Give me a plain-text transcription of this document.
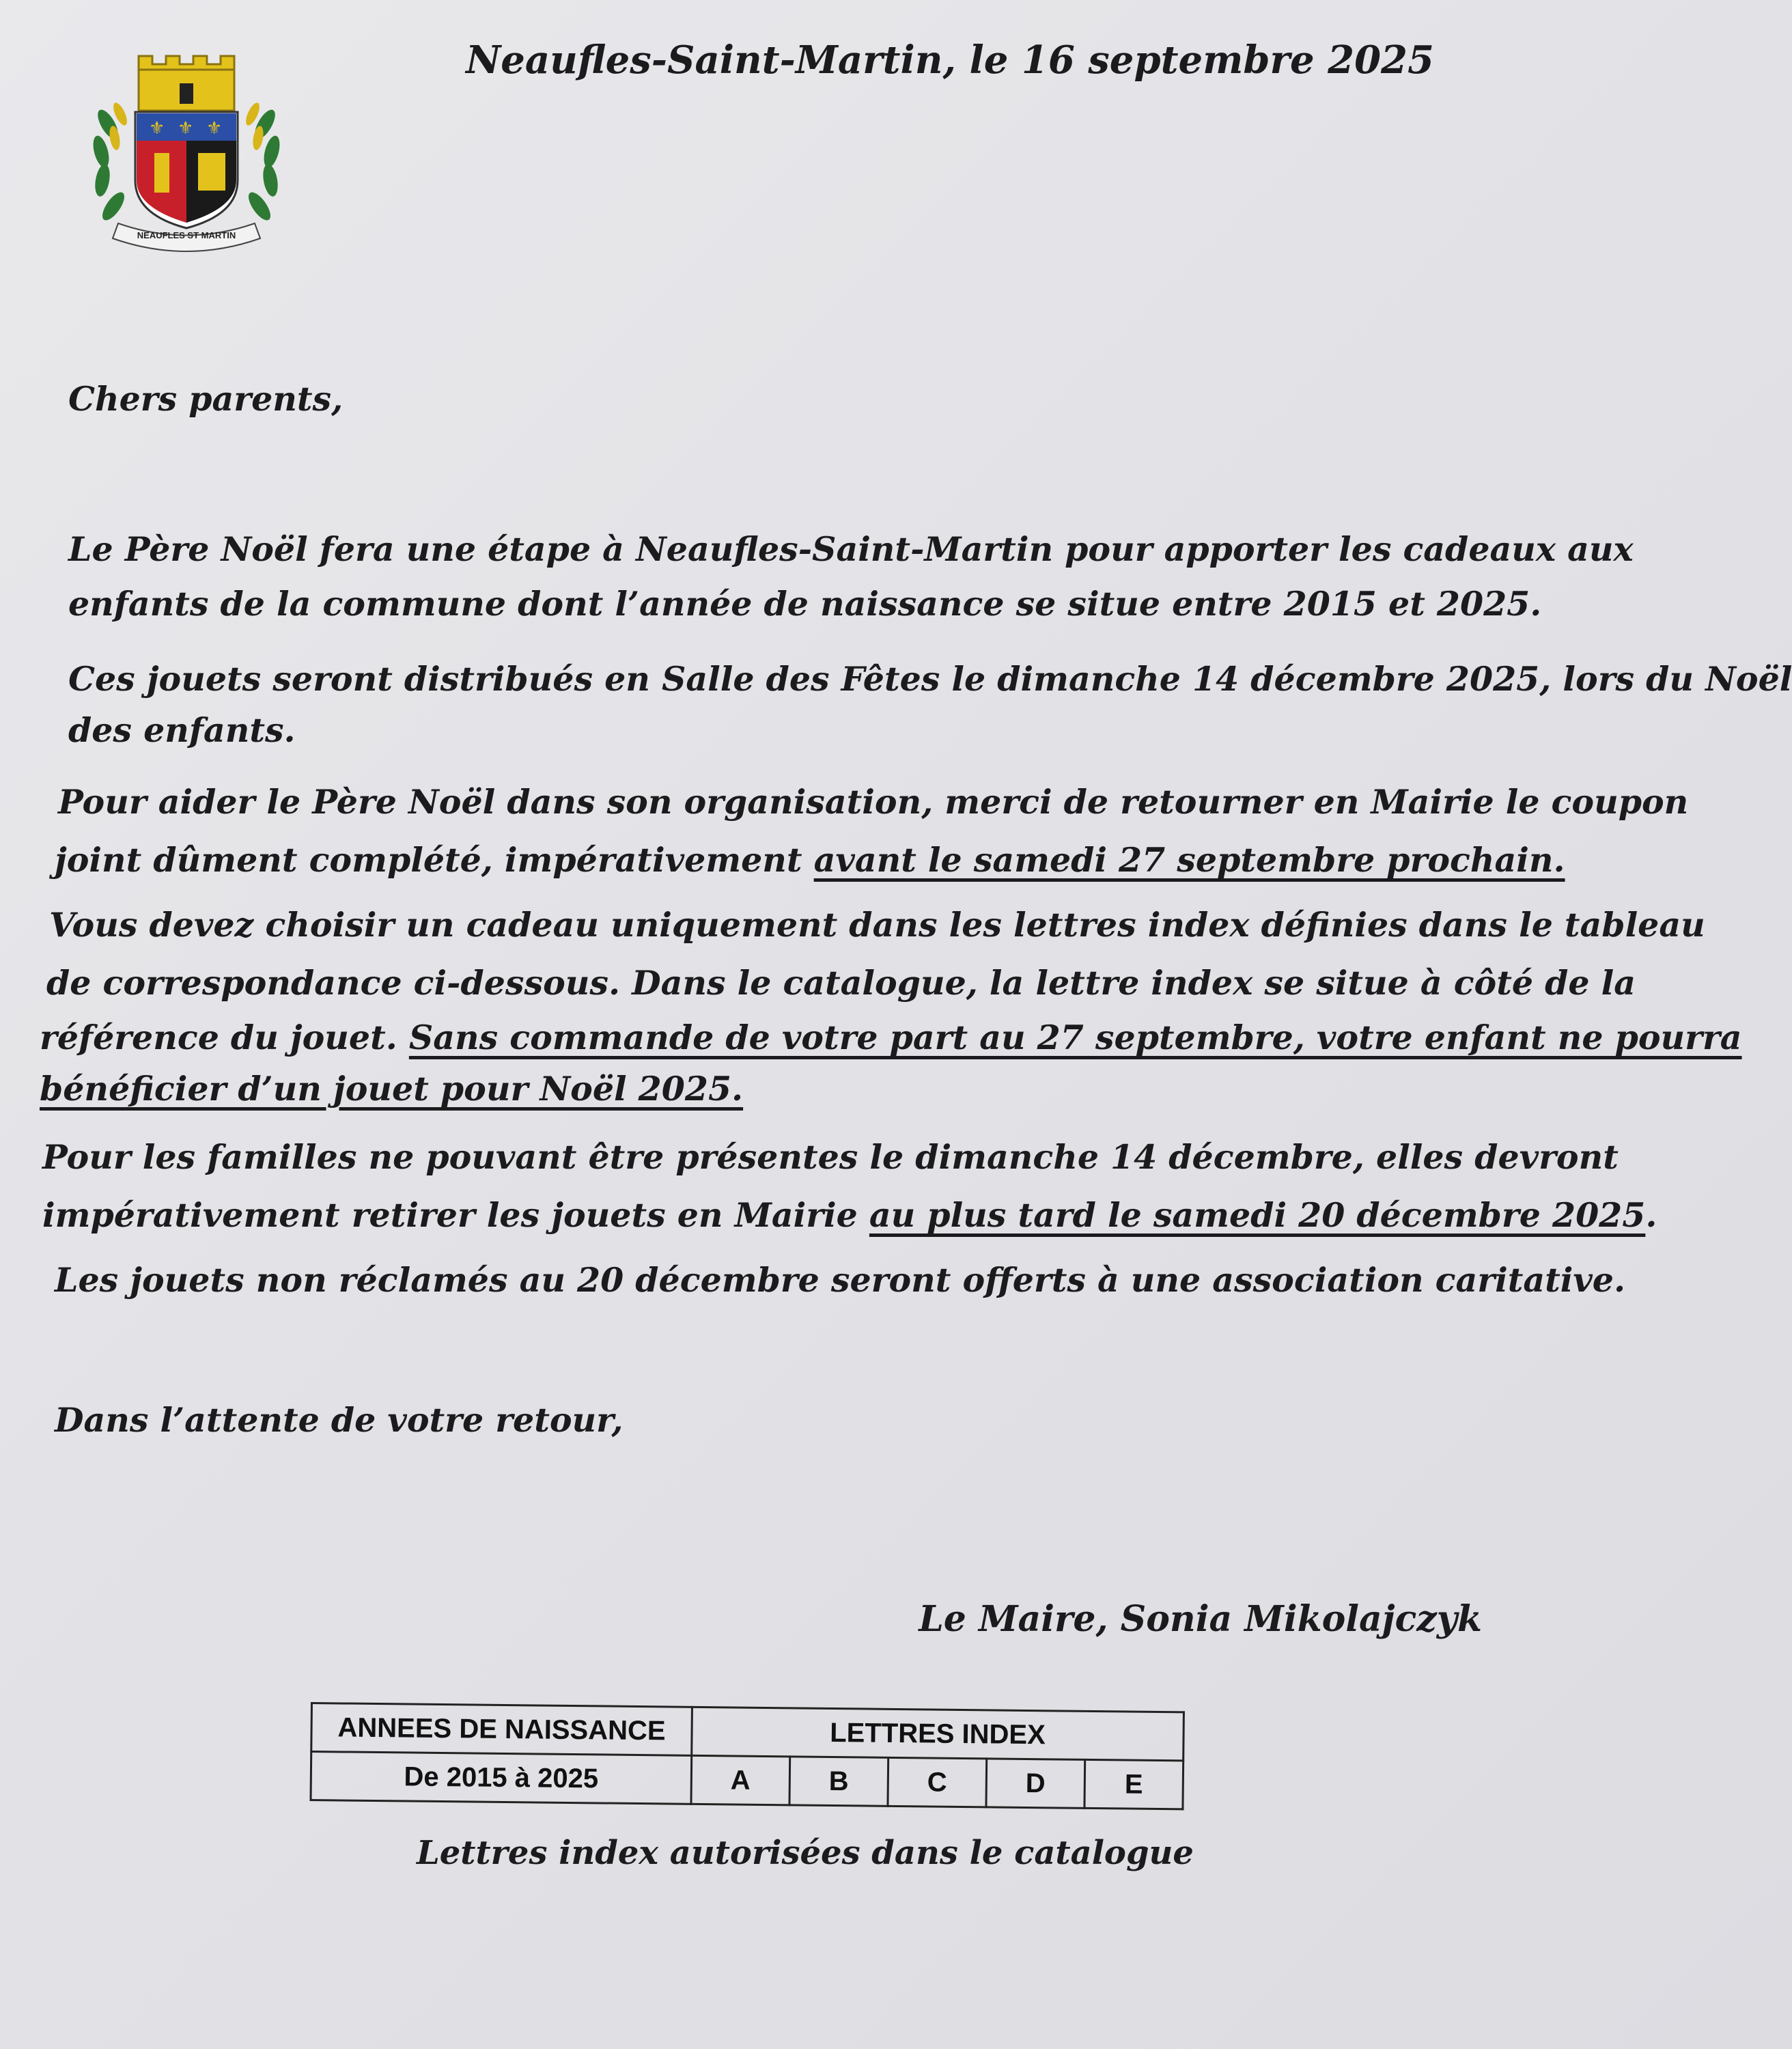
⚜ ⚜ ⚜
NEAUFLES ST MARTIN
Neaufles-Saint-Martin, le 16 septembre 2025
Chers parents,
Le Père Noël fera une étape à Neaufles-Saint-Martin pour apporter les cadeaux aux
enfants de la commune dont l’année de naissance se situe entre 2015 et 2025.
Ces jouets seront distribués en Salle des Fêtes le dimanche 14 décembre 2025, lors du Noël
des enfants.
Pour aider le Père Noël dans son organisation, merci de retourner en Mairie le coupon
joint dûment complété, impérativement avant le samedi 27 septembre prochain.
Vous devez choisir un cadeau uniquement dans les lettres index définies dans le tableau
de correspondance ci-dessous. Dans le catalogue, la lettre index se situe à côté de la
référence du jouet. Sans commande de votre part au 27 septembre, votre enfant ne pourra
bénéficier d’un jouet pour Noël 2025.
Pour les familles ne pouvant être présentes le dimanche 14 décembre, elles devront
impérativement retirer les jouets en Mairie au plus tard le samedi 20 décembre 2025.
Les jouets non réclamés au 20 décembre seront offerts à une association caritative.
Dans l’attente de votre retour,
Le Maire, Sonia Mikolajczyk
ANNEES DE NAISSANCE	LETTRES INDEX				
De 2015 à 2025	A	B	C	D	E
Lettres index autorisées dans le catalogue
